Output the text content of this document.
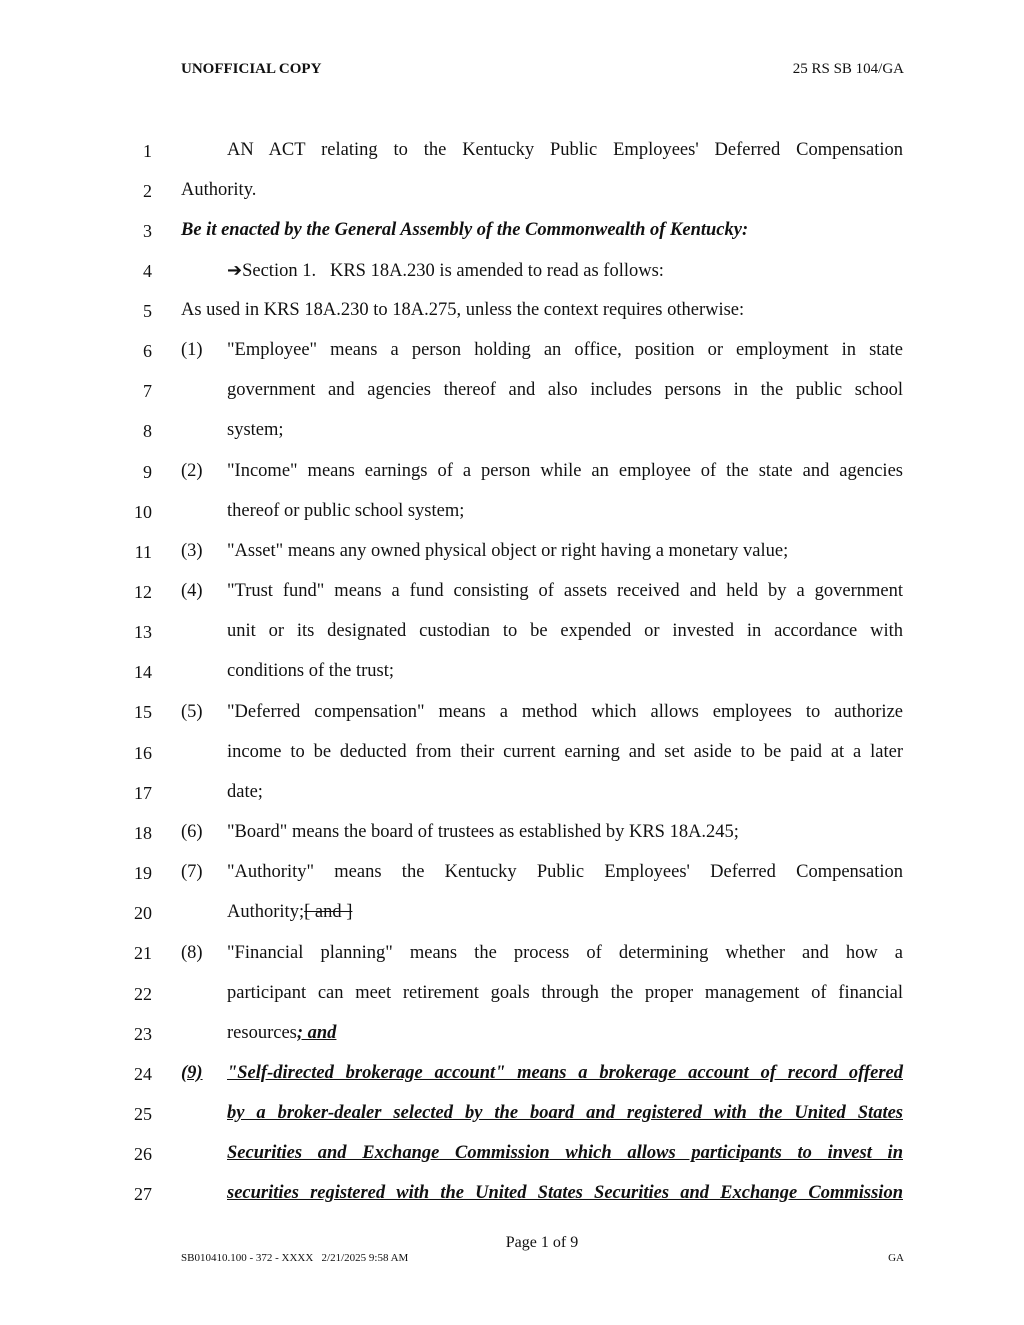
UNOFFICIAL COPY	25 RS SB 104/GA
1
2
3
4
5
6
7
8
9
10
11
12
13
14
15
16
17
18
19
20
21
22
23
24
25
26
27
(1)
(2)
(3)
(4)
(5)
(6)
(7)
(8)
(9)
AN ACT relating to the Kentucky Public Employees' Deferred Compensation
Authority.
Be it enacted by the General Assembly of the Commonwealth of Kentucky:
➔Section 1.   KRS 18A.230 is amended to read as follows:
As used in KRS 18A.230 to 18A.275, unless the context requires otherwise:
"Employee" means a person holding an office, position or employment in state
government and agencies thereof and also includes persons in the public school
system;
"Income" means earnings of a person while an employee of the state and agencies
thereof or public school system;
"Asset" means any owned physical object or right having a monetary value;
"Trust fund" means a fund consisting of assets received and held by a government
unit or its designated custodian to be expended or invested in accordance with
conditions of the trust;
"Deferred compensation" means a method which allows employees to authorize
income to be deducted from their current earning and set aside to be paid at a later
date;
"Board" means the board of trustees as established by KRS 18A.245;
"Authority" means the Kentucky Public Employees' Deferred Compensation
Authority;[ and ]
"Financial planning" means the process of determining whether and how a
participant can meet retirement goals through the proper management of financial
resources; and
"Self-directed brokerage account" means a brokerage account of record offered
by a broker-dealer selected by the board and registered with the United States
Securities and Exchange Commission which allows participants to invest in
securities registered with the United States Securities and Exchange Commission
Page 1 of 9
SB010410.100 - 372 - XXXX   2/21/2025 9:58 AM	GA
